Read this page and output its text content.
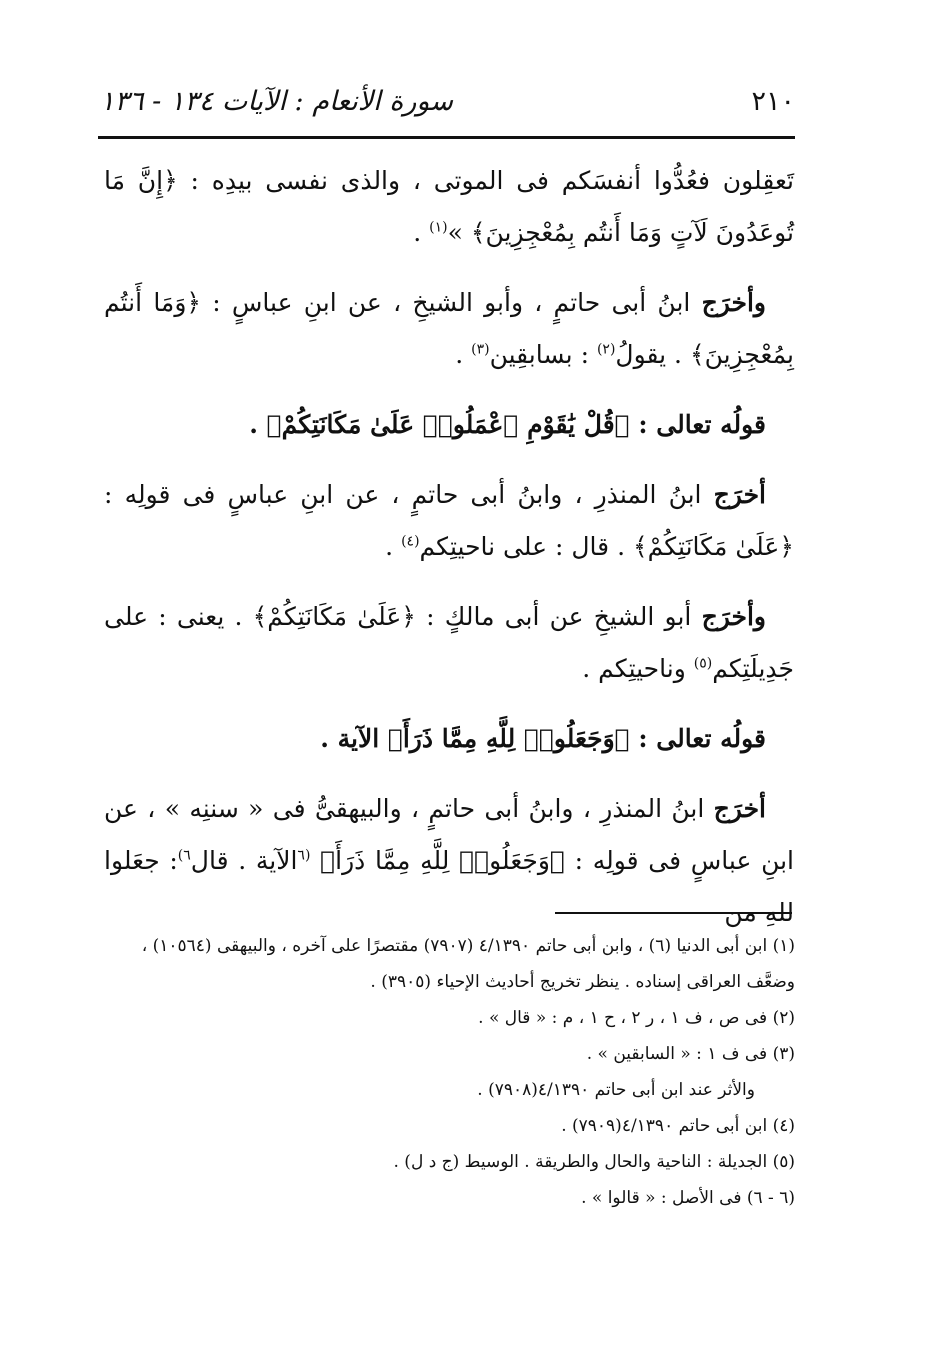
٢١٠
سورة الأنعام : الآيات ١٣٤ - ١٣٦

تَعقِلون فعُدُّوا أنفسَكم فى الموتى ، والذى نفسى بيدِه : ﴿إِنَّ مَا تُوعَدُونَ لَآتٍ وَمَا أَنتُم بِمُعْجِزِينَ﴾ »$^{(١)}$ .

وأخرَج ابنُ أبى حاتمٍ ، وأبو الشيخِ ، عن ابنِ عباسٍ : ﴿وَمَا أَنتُم بِمُعْجِزِينَ﴾ . يقولُ$^{(٢)}$ : بسابقِين$^{(٣)}$ .

قولُه تعالى : ﴿قُلْ يَٰقَوْمِ ٱعْمَلُوا۟ عَلَىٰ مَكَانَتِكُمْ﴾ .

أخرَج ابنُ المنذرِ ، وابنُ أبى حاتمٍ ، عن ابنِ عباسٍ فى قولِه : ﴿عَلَىٰ مَكَانَتِكُمْ﴾ . قال : على ناحيتِكم$^{(٤)}$ .

وأخرَج أبو الشيخِ عن أبى مالكٍ : ﴿عَلَىٰ مَكَانَتِكُمْ﴾ . يعنى : على جَدِيلَتِكم$^{(٥)}$ وناحيتِكم .

قولُه تعالى : ﴿وَجَعَلُوا۟ لِلَّهِ مِمَّا ذَرَأَ﴾ الآية .

أخرَج ابنُ المنذرِ ، وابنُ أبى حاتمٍ ، والبيهقىُّ فى « سننِه » ، عن ابنِ عباسٍ فى قولِه : ﴿وَجَعَلُوا۟ لِلَّهِ مِمَّا ذَرَأَ﴾ $^{(٦}$الآية . قال$^{٦)}$: جعَلوا للهِ من

(١) ابن أبى الدنيا (٦) ، وابن أبى حاتم ٤/١٣٩٠ (٧٩٠٧) مقتصرًا على آخره ، والبيهقى (١٠٥٦٤) ، وضعَّف العراقى إسناده . ينظر تخريج أحاديث الإحياء (٣٩٠٥) .
(٢) فى ص ، ف ١ ، ر ٢ ، ح ١ ، م : « قال » .
(٣) فى ف ١ : « السابقين » .
والأثر عند ابن أبى حاتم ٤/١٣٩٠(٧٩٠٨) .
(٤) ابن أبى حاتم ٤/١٣٩٠(٧٩٠٩) .
(٥) الجديلة : الناحية والحال والطريقة . الوسيط (ج د ل) .
(٦ - ٦) فى الأصل : « قالوا » .
